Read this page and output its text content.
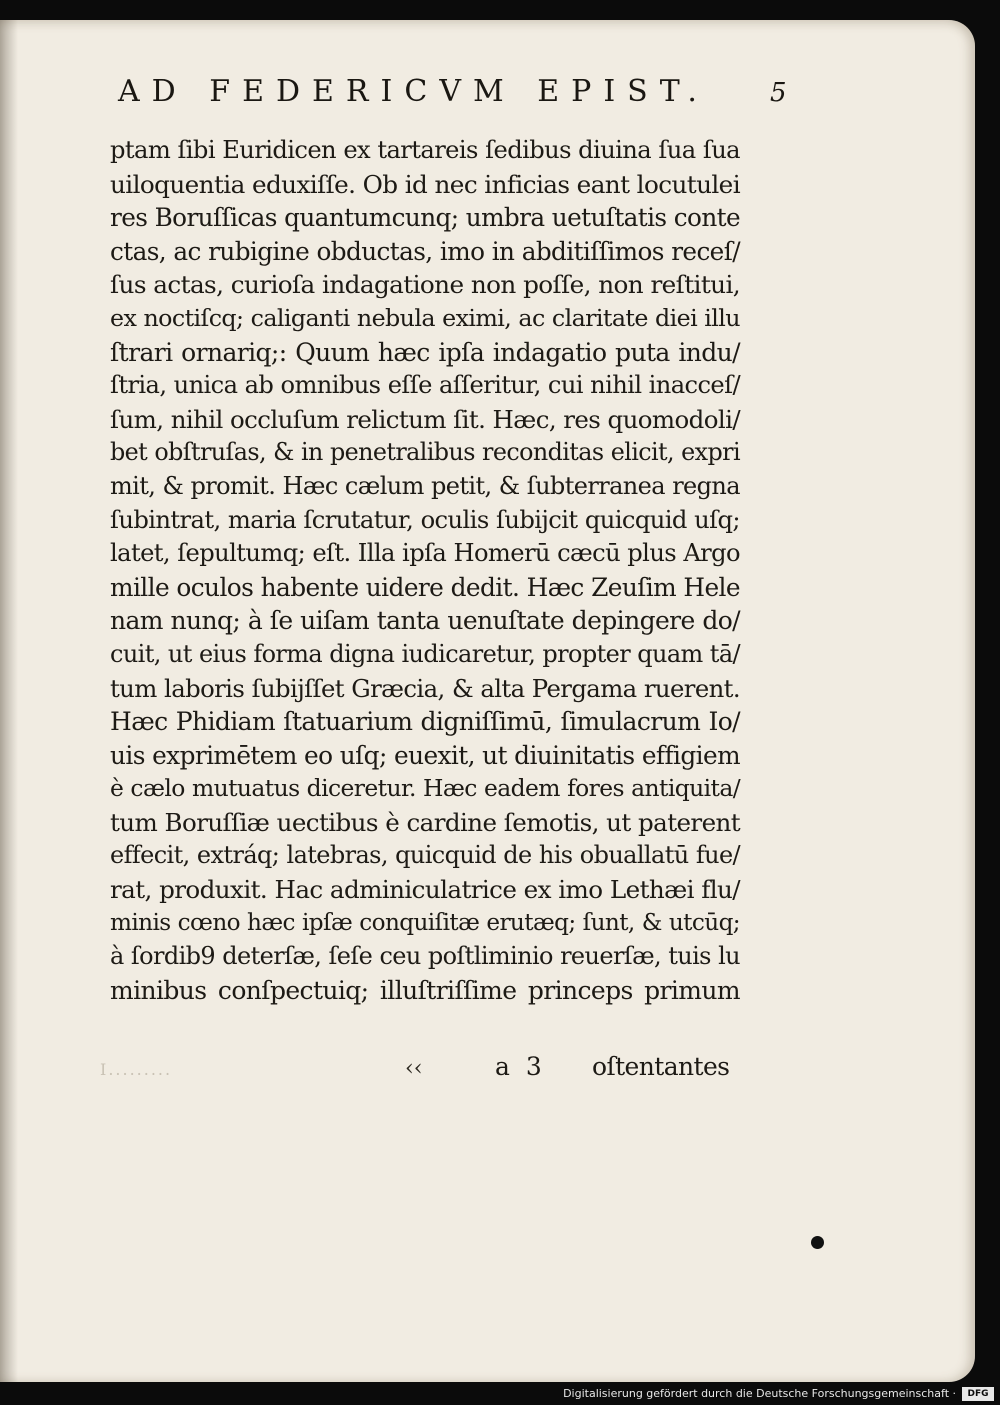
AD FEDERICVM EPIST.	5
ptam ſibi Euridicen ex tartareis ſedibus diuina ſua ſua
uiloquentia eduxiſſe. Ob id nec inficias eant locutulei
res Boruſſicas quantumcunq; umbra uetuſtatis conte
ctas, ac rubigine obductas, imo in abditiſſimos receſ/
ſus actas, curioſa indagatione non poſſe, non reſtitui,
ex noctiſcq; caliganti nebula eximi, ac claritate diei illu
ſtrari ornariq;: Quum hæc ipſa indagatio puta indu/
ſtria, unica ab omnibus eſſe aſſeritur, cui nihil inacceſ/
ſum, nihil occluſum relictum ſit. Hæc, res quomodoli/
bet obſtruſas, & in penetralibus reconditas elicit, expri
mit, & promit. Hæc cælum petit, & ſubterranea regna
ſubintrat, maria ſcrutatur, oculis ſubijcit quicquid uſq;
latet, ſepultumq; eſt. Illa ipſa Homerū cæcū plus Argo
mille oculos habente uidere dedit. Hæc Zeuſim Hele
nam nunq; à ſe uiſam tanta uenuſtate depingere do/
cuit, ut eius forma digna iudicaretur, propter quam tā/
tum laboris ſubijſſet Græcia, & alta Pergama ruerent.
Hæc Phidiam ſtatuarium digniſſimū, ſimulacrum Io/
uis exprimētem eo uſq; euexit, ut diuinitatis effigiem
è cælo mutuatus diceretur. Hæc eadem fores antiquita/
tum Boruſſiæ uectibus è cardine ſemotis, ut paterent
effecit, extráq; latebras, quicquid de his obuallatū fue/
rat, produxit. Hac adminiculatrice ex imo Lethæi flu/
minis cœno hæc ipſæ conquiſitæ erutæq; ſunt, & utcūq;
à ſordib9 deterſæ, ſeſe ceu poſtliminio reuerſæ, tuis lu
minibus conſpectuiq; illuſtriſſime princeps primum
I.........	‹‹	a 3 oſtentantes
Digitalisierung gefördert durch die Deutsche Forschungsgemeinschaft ·	DFG
